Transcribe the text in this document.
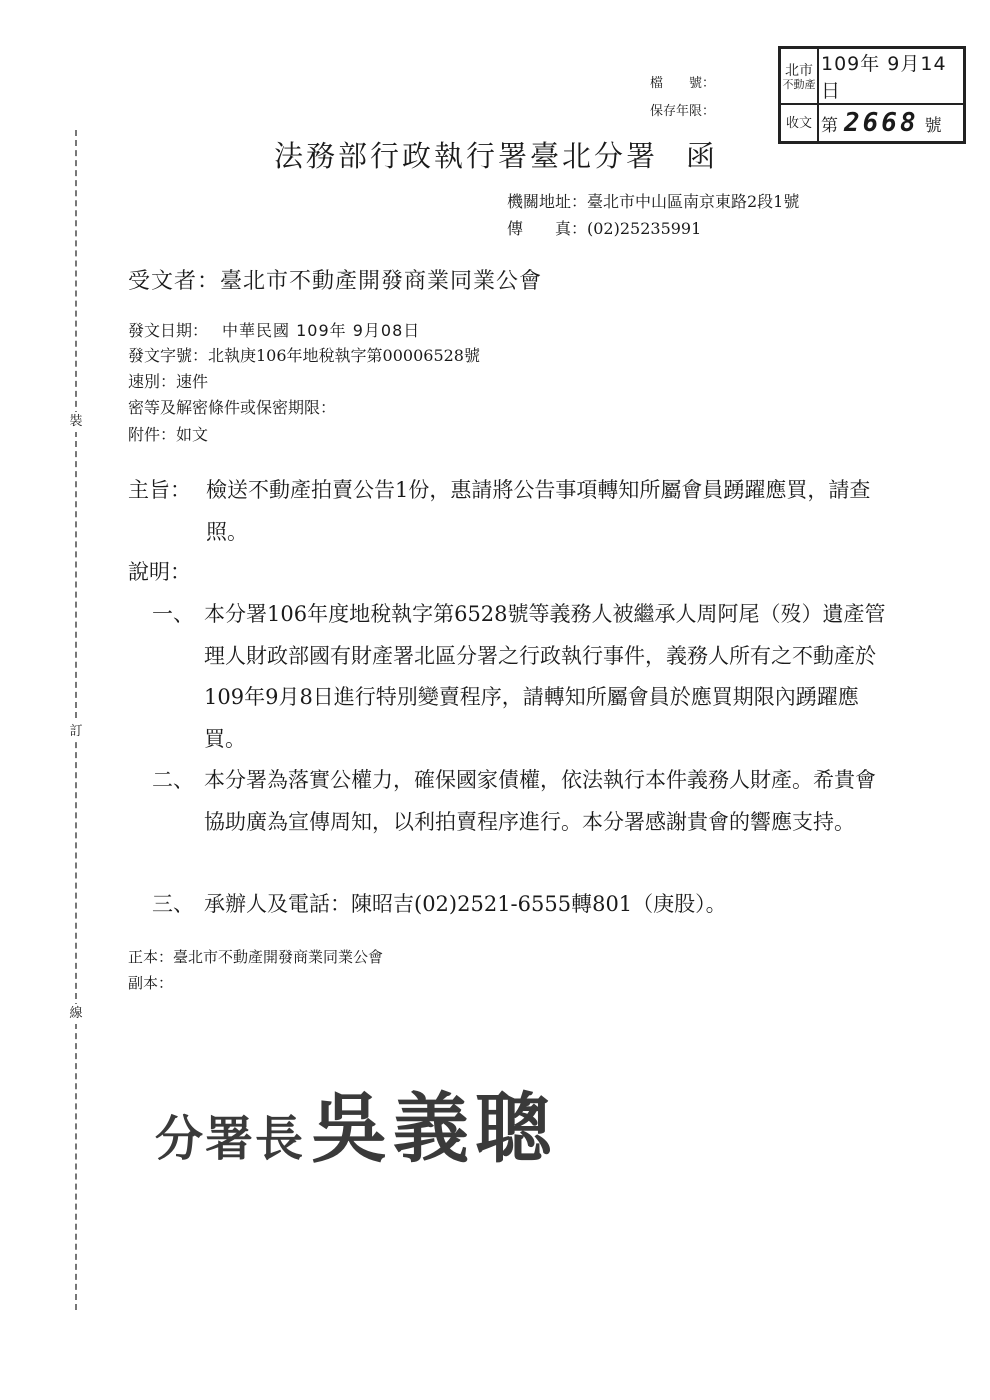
裝
訂
線
檔　　號：
保存年限：
北市
不動產
109年 9月14日
收文 第 2668 號
法務部行政執行署臺北分署 函
機關地址：臺北市中山區南京東路2段1號
傳　　真：(02)25235991
受文者：臺北市不動產開發商業同業公會
發文日期： 中華民國 109年 9月08日
發文字號：北執庚106年地稅執字第00006528號
速別：速件
密等及解密條件或保密期限：
附件：如文
主旨： 檢送不動產拍賣公告1份，惠請將公告事項轉知所屬會員踴躍應買，請查照。
說明：
一、 本分署106年度地稅執字第6528號等義務人被繼承人周阿尾（歿）遺產管理人財政部國有財產署北區分署之行政執行事件，義務人所有之不動產於109年9月8日進行特別變賣程序，請轉知所屬會員於應買期限內踴躍應買。
二、 本分署為落實公權力，確保國家債權，依法執行本件義務人財產。希貴會協助廣為宣傳周知，以利拍賣程序進行。本分署感謝貴會的響應支持。
三、 承辦人及電話：陳昭吉(02)2521-6555轉801（庚股）。
正本：臺北市不動產開發商業同業公會
副本：
分署長吳義聰
